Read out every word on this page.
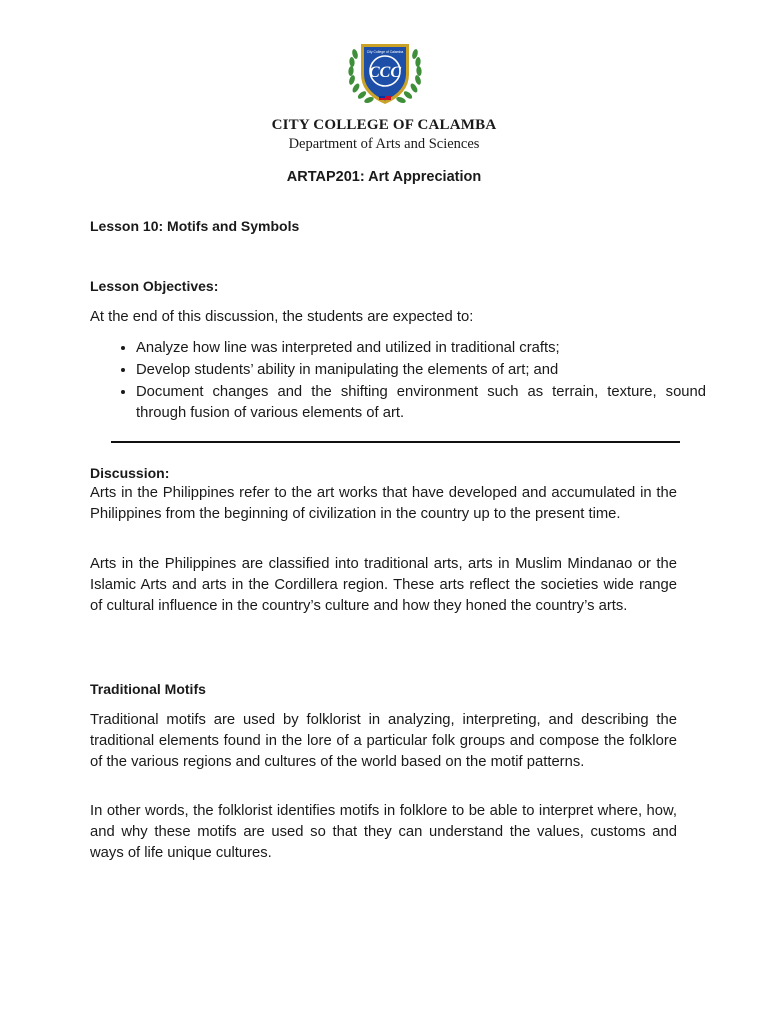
CCC
City College of Calamba
CITY COLLEGE OF CALAMBA
Department of Arts and Sciences
ARTAP201: Art Appreciation
Lesson 10: Motifs and Symbols
Lesson Objectives:
At the end of this discussion, the students are expected to:
• Analyze how line was interpreted and utilized in traditional crafts;
• Develop students’ ability in manipulating the elements of art; and
• Document changes and the shifting environment such as terrain, texture, sound through fusion of various elements of art.
Discussion:
Arts in the Philippines refer to the art works that have developed and accumulated in the Philippines from the beginning of civilization in the country up to the present time.
Arts in the Philippines are classified into traditional arts, arts in Muslim Mindanao or the Islamic Arts and arts in the Cordillera region. These arts reflect the societies wide range of cultural influence in the country’s culture and how they honed the country’s arts.
Traditional Motifs
Traditional motifs are used by folklorist in analyzing, interpreting, and describing the traditional elements found in the lore of a particular folk groups and compose the folklore of the various regions and cultures of the world based on the motif patterns.
In other words, the folklorist identifies motifs in folklore to be able to interpret where, how, and why these motifs are used so that they can understand the values, customs and ways of life unique cultures.
